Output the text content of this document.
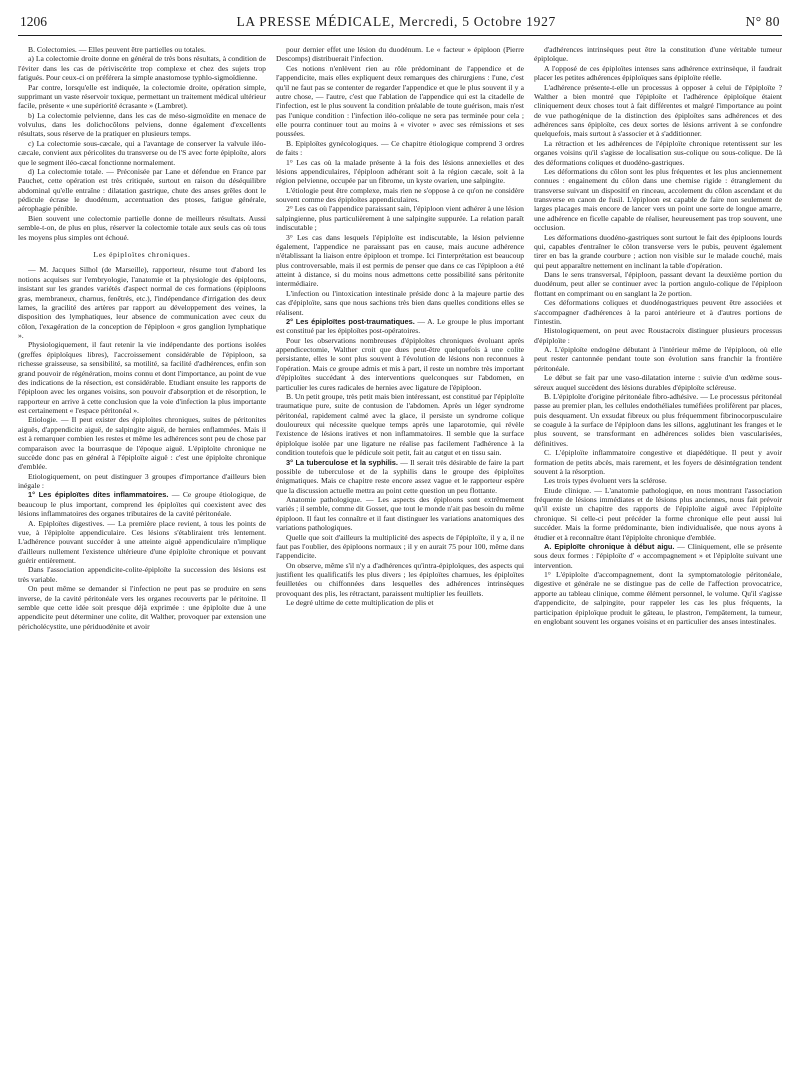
1206	LA PRESSE MÉDICALE, Mercredi, 5 Octobre 1927	N° 80

B. Colectomies. — Elles peuvent être partielles ou totales.

a) La colectomie droite donne en général de très bons résultats, à condition de l'éviter dans les cas de périviscérite trop complexe et chez des sujets trop fatigués. Pour ceux-ci on préférera la simple anastomose typhlo-sigmoïdienne.

Par contre, lorsqu'elle est indiquée, la colectomie droite, opération simple, supprimant un vaste réservoir toxique, permettant un traitement médical ultérieur facile, présente « une supériorité écrasante » (Lambret).

b) La colectomie pelvienne, dans les cas de méso-sigmoïdite en menace de volvulus, dans les dolichocôlons pelviens, donne également d'excellents résultats, sous réserve de la pratiquer en plusieurs temps.

c) La colectomie sous-cæcale, qui a l'avantage de conserver la valvule iléo-cæcale, convient aux péricolites du transverse ou de l'S avec forte épiploïte, alors que le segment iléo-cæcal fonctionne normalement.

d) La colectomie totale. — Préconisée par Lane et défendue en France par Pauchet, cette opération est très critiquée, surtout en raison du déséquilibre abdominal qu'elle entraîne : dilatation gastrique, chute des anses grêles dont le pédicule écrase le duodénum, accentuation des ptoses, fatigue générale, aérophagie pénible.

Bien souvent une colectomie partielle donne de meilleurs résultats. Aussi semble-t-on, de plus en plus, réserver la colectomie totale aux seuls cas où tous les moyens plus simples ont échoué.

Les épiploïtes chroniques.

— M. Jacques Silhol (de Marseille), rapporteur, résume tout d'abord les notions acquises sur l'embryologie, l'anatomie et la physiologie des épiploons, insistant sur les grandes variétés d'aspect normal de ces formations (épiploons gras, membraneux, charnus, fenêtrés, etc.), l'indépendance d'irrigation des deux lames, la gracilité des artères par rapport au développement des veines, la disposition des lymphatiques, leur absence de communication avec ceux du côlon, l'exagération de la conception de l'épiploon « gros ganglion lymphatique ».

Physiologiquement, il faut retenir la vie indépendante des portions isolées (greffes épiploïques libres), l'accroissement considérable de l'épiploon, sa richesse graisseuse, sa sensibilité, sa motilité, sa facilité d'adhérences, enfin son grand pouvoir de régénération, moins connu et dont l'importance, au point de vue des indications de la résection, est considérable. Etudiant ensuite les rapports de l'épiploon avec les organes voisins, son pouvoir d'absorption et de résorption, le rapporteur en arrive à cette conclusion que la voie d'infection la plus importante est certainement « l'espace péritonéal ».

Etiologie. — Il peut exister des épiploïtes chroniques, suites de péritonites aiguës, d'appendicite aiguë, de salpingite aiguë, de hernies enflammées. Mais il est à remarquer combien les restes et même les adhérences sont peu de chose par comparaison avec la bourrasque de l'époque aiguë. L'épiploïte chronique ne succède donc pas en général à l'épiploïte aiguë : c'est une épiploïte chronique d'emblée.

Etiologiquement, on peut distinguer 3 groupes d'importance d'ailleurs bien inégale :

1° Les épiploïtes dites inflammatoires. — Ce groupe étiologique, de beaucoup le plus important, comprend les épiploïtes qui coexistent avec des lésions inflammatoires des organes tributaires de la cavité péritonéale.

A. Epiploïtes digestives. — La première place revient, à tous les points de vue, à l'épiploïte appendiculaire. Ces lésions s'établiraient très lentement. L'adhérence pouvant succéder à une atteinte aiguë appendiculaire n'implique d'ailleurs nullement l'existence ultérieure d'une épiploïte chronique et pouvant guérir entièrement.

Dans l'association appendicite-colite-épiploïte la succession des lésions est très variable.

On peut même se demander si l'infection ne peut pas se produire en sens inverse, de la cavité péritonéale vers les organes recouverts par le péritoine. Il semble que cette idée soit presque déjà exprimée : une épiploïte due à une appendicite peut déterminer une colite, dit Walther, provoquer par extension une péricholécystite, une périduodénite et avoir

pour dernier effet une lésion du duodénum. Le « facteur » épiploon (Pierre Descomps) distribuerait l'infection.

Ces notions n'enlèvent rien au rôle prédominant de l'appendice et de l'appendicite, mais elles expliquent deux remarques des chirurgiens : l'une, c'est qu'il ne faut pas se contenter de regarder l'appendice et que le plus souvent il y a autre chose, — l'autre, c'est que l'ablation de l'appendice qui est la citadelle de l'infection, est le plus souvent la condition préalable de toute guérison, mais n'est pas l'unique condition : l'infection iléo-colique ne sera pas terminée pour cela ; elle pourra continuer tout au moins à « vivoter » avec ses rémissions et ses poussées.

B. Epiploïtes gynécologiques. — Ce chapitre étiologique comprend 3 ordres de faits :

1° Les cas où la malade présente à la fois des lésions annexielles et des lésions appendiculaires, l'épiploon adhérant soit à la région cæcale, soit à la région pelvienne, occupée par un fibrome, un kyste ovarien, une salpingite.

L'étiologie peut être complexe, mais rien ne s'oppose à ce qu'on ne considère souvent comme des épiploïtes appendiculaires.

2° Les cas où l'appendice paraissant sain, l'épiploon vient adhérer à une lésion salpingienne, plus particulièrement à une salpingite suppurée. La relation paraît indiscutable ;

3° Les cas dans lesquels l'épiploïte est indiscutable, la lésion pelvienne également, l'appendice ne paraissant pas en cause, mais aucune adhérence n'établissant la liaison entre épiploon et trompe. Ici l'interprétation est beaucoup plus controversable, mais il est permis de penser que dans ce cas l'épiploon a été atteint à distance, si du moins nous admettons cette possibilité sans péritonite intermédiaire.

L'infection ou l'intoxication intestinale préside donc à la majeure partie des cas d'épiploïte, sans que nous sachions très bien dans quelles conditions elles se réalisent.

2° Les épiploïtes post-traumatiques. — A. Le groupe le plus important est constitué par les épiploïtes post-opératoires.

Pour les observations nombreuses d'épiploïtes chroniques évoluant après appendicectomie, Walther croit que dues peut-être quelquefois à une colite persistante, elles le sont plus souvent à l'évolution de lésions non reconnues à l'opération. Mais ce groupe admis et mis à part, il reste un nombre très important d'épiploïtes succédant à des interventions quelconques sur l'abdomen, en particulier les cures radicales de hernies avec ligature de l'épiploon.

B. Un petit groupe, très petit mais bien intéressant, est constitué par l'épiploïte traumatique pure, suite de contusion de l'abdomen. Après un léger syndrome péritonéal, rapidement calmé avec la glace, il persiste un syndrome colique douloureux qui nécessite quelque temps après une laparotomie, qui révèle l'existence de lésions iratives et non inflammatoires. Il semble que la surface épiploïque isolée par une ligature ne réalise pas facilement l'adhérence à la condition toutefois que le pédicule soit petit, fait au catgut et en tissu sain.

3° La tuberculose et la syphilis. — Il serait très désirable de faire la part possible de tuberculose et de la syphilis dans le groupe des épiploïtes énigmatiques. Mais ce chapitre reste encore assez vague et le rapporteur espère que la discussion actuelle mettra au point cette question un peu flottante.

Anatomie pathologique. — Les aspects des épiploons sont extrêmement variés ; il semble, comme dit Gosset, que tout le monde n'ait pas besoin du même épiploon. Il faut les connaître et il faut distinguer les variations anatomiques des variations pathologiques.

Quelle que soit d'ailleurs la multiplicité des aspects de l'épiploïte, il y a, il ne faut pas l'oublier, des épiploons normaux ; il y en aurait 75 pour 100, même dans l'appendicite.

On observe, même s'il n'y a d'adhérences qu'intra-épiploïques, des aspects qui justifient les qualificatifs les plus divers ; les épiploïtes charnues, les épiploïtes feuilletées ou chiffonnées dans lesquelles des adhérences intrinsèques provoquant des plis, les rétractant, paraissent multiplier les feuillets.

Le degré ultime de cette multiplication de plis et

d'adhérences intrinsèques peut être la constitution d'une véritable tumeur épiploïque.

A l'opposé de ces épiploïtes intenses sans adhérence extrinsèque, il faudrait placer les petites adhérences épiploïques sans épiploïte réelle.

L'adhérence présente-t-elle un processus à opposer à celui de l'épiploïte ? Walther a bien montré que l'épiploïte et l'adhérence épiploïque étaient cliniquement deux choses tout à fait différentes et malgré l'importance au point de vue pathogénique de la distinction des épiploïtes sans adhérences et des adhérences sans épiploïte, ces deux sortes de lésions arrivent à se confondre quelquefois, mais surtout à s'associer et à s'additionner.

La rétraction et les adhérences de l'épiploïte chronique retentissent sur les organes voisins qu'il s'agisse de localisation sus-colique ou sous-colique. De là des déformations coliques et duodéno-gastriques.

Les déformations du côlon sont les plus fréquentes et les plus anciennement connues : engainement du côlon dans une chemise rigide : étranglement du transverse suivant un dispositif en rinceau, accolement du côlon ascendant et du transverse en canon de fusil. L'épiploon est capable de faire non seulement de larges placages mais encore de lancer vers un point une sorte de longue amarre, une adhérence en ficelle capable de réaliser, heureusement pas trop souvent, une occlusion.

Les déformations duodéno-gastriques sont surtout le fait des épiploons lourds qui, capables d'entraîner le côlon transverse vers le pubis, peuvent également tirer en bas la grande courbure ; action non visible sur le malade couché, mais qui peut apparaître nettement en inclinant la table d'opération.

Dans le sens transversal, l'épiploon, passant devant la deuxième portion du duodénum, peut aller se continuer avec la portion angulo-colique de l'épiploon flottant en comprimant ou en sanglant la 2e portion.

Ces déformations coliques et duodénogastriques peuvent être associées et s'accompagner d'adhérences à la paroi antérieure et à d'autres portions de l'intestin.

Histologiquement, on peut avec Roustacroix distinguer plusieurs processus d'épiploïte :

A. L'épiploïte endogène débutant à l'intérieur même de l'épiploon, où elle peut rester cantonnée pendant toute son évolution sans franchir la frontière péritonéale.

Le début se fait par une vaso-dilatation interne : suivie d'un œdème sous-séreux auquel succèdent des lésions durables d'épiploïte scléreuse.

B. L'épiploïte d'origine péritonéale fibro-adhésive. — Le processus péritonéal passe au premier plan, les cellules endothéliales tuméfiées prolifèrent par places, puis desquament. Un exsudat fibreux ou plus fréquemment fibrinocorpusculaire se coagule à la surface de l'épiploon dans les sillons, agglutinant les franges et le plus souvent, se transformant en adhérences solides bien vascularisées, définitives.

C. L'épiploïte inflammatoire congestive et diapédétique. Il peut y avoir formation de petits abcès, mais rarement, et les foyers de désintégration tendent souvent à la résorption.

Les trois types évoluent vers la sclérose.

Etude clinique. — L'anatomie pathologique, en nous montrant l'association fréquente de lésions immédiates et de lésions plus anciennes, nous fait prévoir qu'il existe un chapitre des rapports de l'épiploïte aiguë avec l'épiploïte chronique. Si celle-ci peut précéder la forme chronique elle peut aussi lui succéder. Mais la forme prédominante, bien individualisée, que nous ayons à étudier et à reconnaître étant l'épiploïte chronique d'emblée.

A. Epiploïte chronique à début aigu. — Cliniquement, elle se présente sous deux formes : l'épiploïte d' « accompagnement » et l'épiploïte suivant une intervention.

1° L'épiploïte d'accompagnement, dont la symptomatologie péritonéale, digestive et générale ne se distingue pas de celle de l'affection provocatrice, apporte au tableau clinique, comme élément personnel, le volume. Qu'il s'agisse d'appendicite, de salpingite, pour rappeler les cas les plus fréquents, la participation épiploïque produit le gâteau, le plastron, l'empâtement, la tumeur, en englobant souvent les organes voisins et en particulier des anses intestinales.
